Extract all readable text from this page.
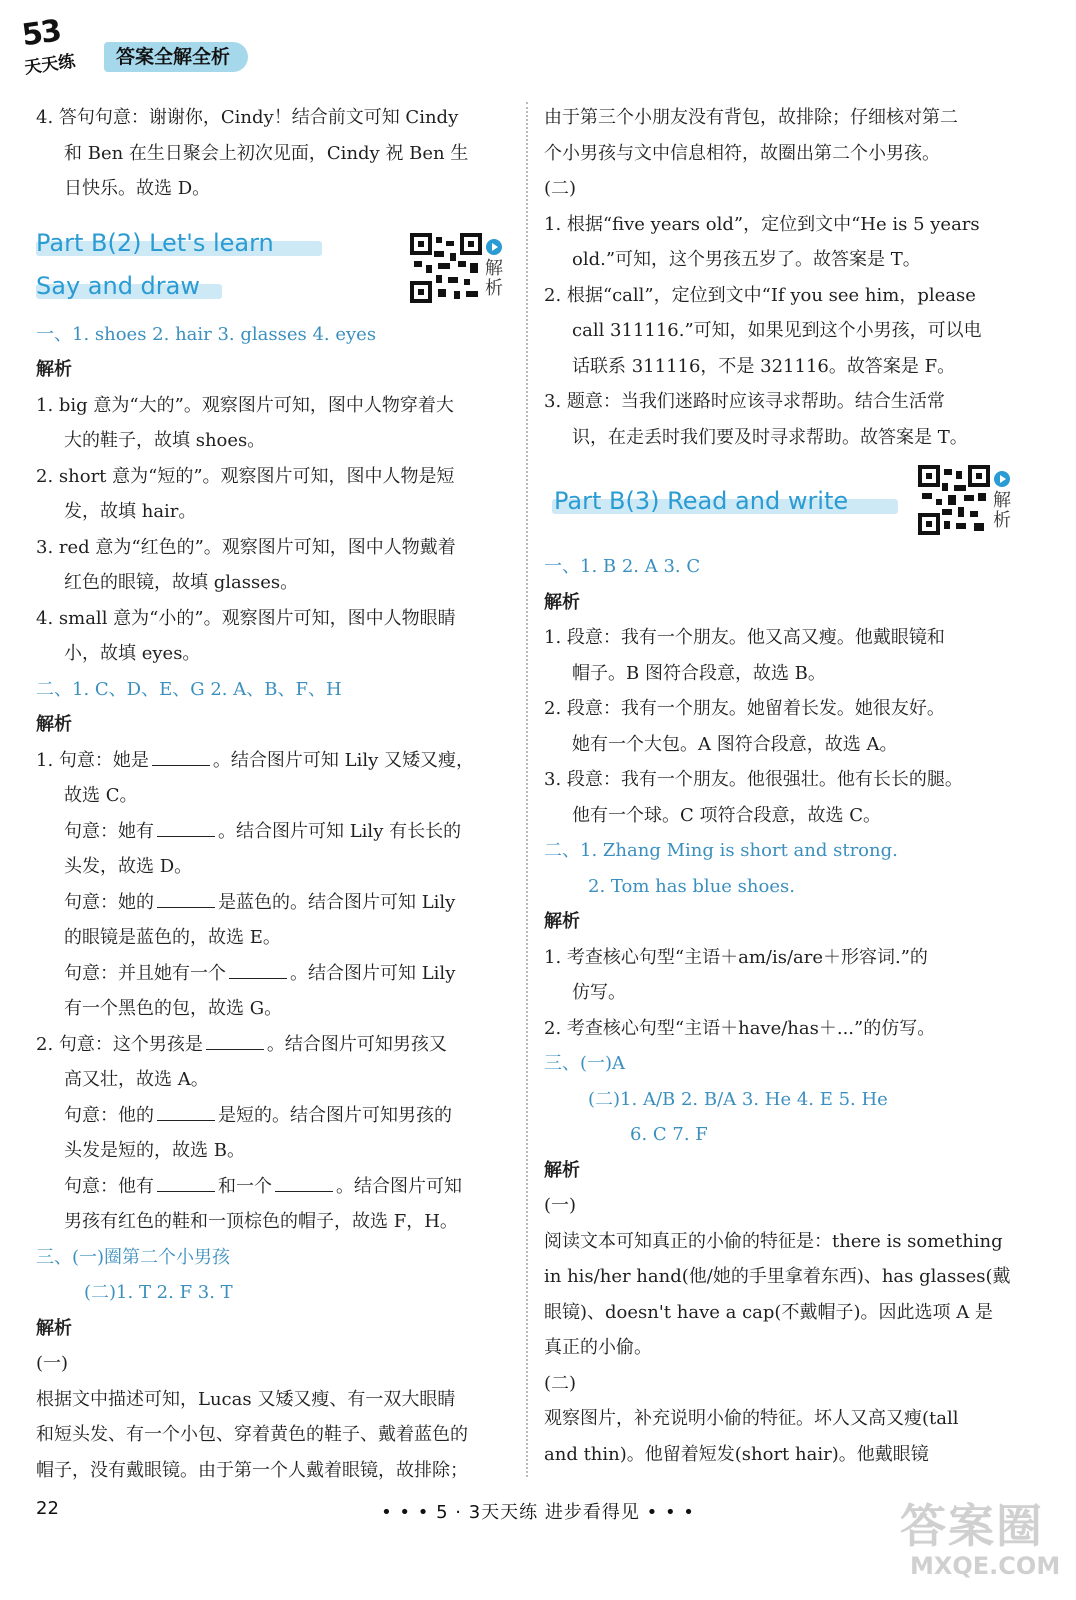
53
天天练	答案全解全析
4. 答句句意：谢谢你，Cindy！结合前文可知 Cindy
和 Ben 在生日聚会上初次见面，Cindy 祝 Ben 生
日快乐。故选 D。
Part B(2) Let's learn
Say and draw
解析
一、1. shoes 2. hair 3. glasses 4. eyes
解析
1. big 意为“大的”。观察图片可知，图中人物穿着大
大的鞋子，故填 shoes。
2. short 意为“短的”。观察图片可知，图中人物是短
发，故填 hair。
3. red 意为“红色的”。观察图片可知，图中人物戴着
红色的眼镜，故填 glasses。
4. small 意为“小的”。观察图片可知，图中人物眼睛
小，故填 eyes。
二、1. C、D、E、G 2. A、B、F、H
解析
1. 句意：她是	。结合图片可知 Lily 又矮又瘦，
故选 C。
句意：她有	。结合图片可知 Lily 有长长的
头发，故选 D。
句意：她的	是蓝色的。结合图片可知 Lily
的眼镜是蓝色的，故选 E。
句意：并且她有一个	。结合图片可知 Lily
有一个黑色的包，故选 G。
2. 句意：这个男孩是	。结合图片可知男孩又
高又壮，故选 A。
句意：他的	是短的。结合图片可知男孩的
头发是短的，故选 B。
句意：他有	和一个	。结合图片可知
男孩有红色的鞋和一顶棕色的帽子，故选 F，H。
三、(一)圈第二个小男孩
(二)1. T 2. F 3. T
解析
(一)
根据文中描述可知，Lucas 又矮又瘦、有一双大眼睛
和短头发、有一个小包、穿着黄色的鞋子、戴着蓝色的
帽子，没有戴眼镜。由于第一个人戴着眼镜，故排除；
由于第三个小朋友没有背包，故排除；仔细核对第二
个小男孩与文中信息相符，故圈出第二个小男孩。
(二)
1. 根据“five years old”，定位到文中“He is 5 years
old.”可知，这个男孩五岁了。故答案是 T。
2. 根据“call”，定位到文中“If you see him，please
call 311116.”可知，如果见到这个小男孩，可以电
话联系 311116，不是 321116。故答案是 F。
3. 题意：当我们迷路时应该寻求帮助。结合生活常
识，在走丢时我们要及时寻求帮助。故答案是 T。
Part B(3) Read and write	解析
一、1. B 2. A 3. C
解析
1. 段意：我有一个朋友。他又高又瘦。他戴眼镜和
帽子。B 图符合段意，故选 B。
2. 段意：我有一个朋友。她留着长发。她很友好。
她有一个大包。A 图符合段意，故选 A。
3. 段意：我有一个朋友。他很强壮。他有长长的腿。
他有一个球。C 项符合段意，故选 C。
二、1. Zhang Ming is short and strong.
2. Tom has blue shoes.
解析
1. 考查核心句型“主语＋am/is/are＋形容词.”的
仿写。
2. 考查核心句型“主语＋have/has＋...”的仿写。
三、(一)A
(二)1. A/B 2. B/A 3. He 4. E 5. He
6. C 7. F
解析
(一)
阅读文本可知真正的小偷的特征是：there is something
in his/her hand(他/她的手里拿着东西)、has glasses(戴
眼镜)、doesn't have a cap(不戴帽子)。因此选项 A 是
真正的小偷。
(二)
观察图片，补充说明小偷的特征。坏人又高又瘦(tall
and thin)。他留着短发(short hair)。他戴眼镜
22	• • • 5 · 3天天练 进步看得见 • • •	答案圈
MXQE.COM
